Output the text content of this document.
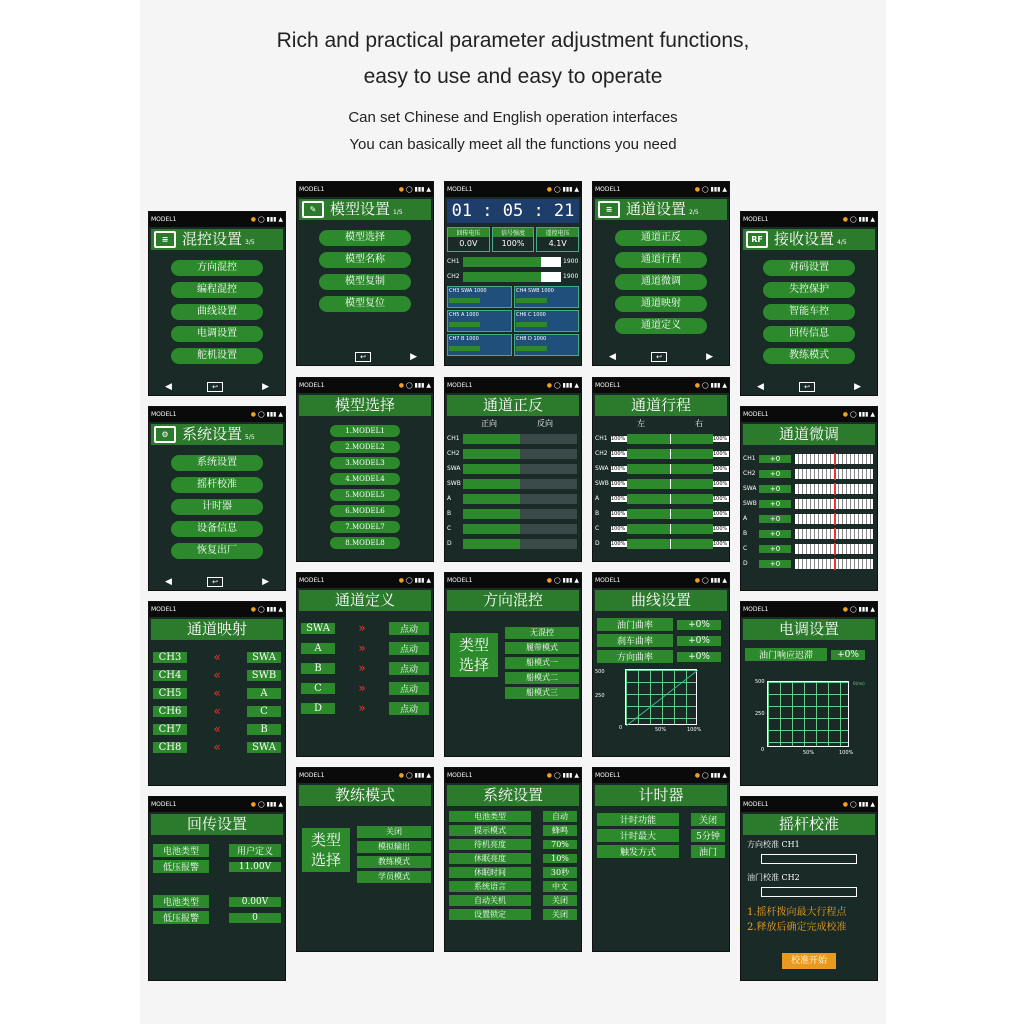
Rich and practical parameter adjustment functions,
easy to use and easy to operate
Can set Chinese and English operation interfaces
You can basically meet all the functions you need
MODEL1	● ◯ ▮▮▮ ▲
≡ 混控设置 3/5
方向混控
编程混控
曲线设置
电调设置
舵机设置
◀	↩	▶
MODEL1	● ◯ ▮▮▮ ▲
✎ 模型设置 1/5
模型选择
模型名称
模型复制
模型复位
↩	▶
MODEL1	● ◯ ▮▮▮ ▲
01 : 05 : 21
回传电压
0.0V
信号强度
100%
遥控电压
4.1V
CH1	1900
CH2	1900
CH3 SWA 1000	CH4 SWB 1000
CH5 A 1000	CH6 C 1000
CH7 B 1000	CH8 D 1000
MODEL1	● ◯ ▮▮▮ ▲
≡ 通道设置 2/5
通道正反
通道行程
通道微调
通道映射
通道定义
◀	↩	▶
MODEL1	● ◯ ▮▮▮ ▲
RF 接收设置 4/5
对码设置
失控保护
智能车控
回传信息
教练模式
◀	↩	▶
MODEL1	● ◯ ▮▮▮ ▲
⚙ 系统设置 5/5
系统设置
摇杆校准
计时器
设备信息
恢复出厂
◀	↩	▶
MODEL1	● ◯ ▮▮▮ ▲
模型选择
1.MODEL1
2.MODEL2
3.MODEL3
4.MODEL4
5.MODEL5
6.MODEL6
7.MODEL7
8.MODEL8
MODEL1	● ◯ ▮▮▮ ▲
通道正反
正向	反向
CH1
CH2
SWA
SWB
A
B
C
D
MODEL1	● ◯ ▮▮▮ ▲
通道行程
左	右
CH1 100%	100%
CH2 100%	100%
SWA 100%	100%
SWB 100%	100%
A	100%	100%
B	100%	100%
C	100%	100%
D	100%	100%
MODEL1	● ◯ ▮▮▮ ▲
通道微调
CH1	+0
CH2	+0
SWA	+0
SWB	+0
A	+0
B	+0
C	+0
D	+0
MODEL1	● ◯ ▮▮▮ ▲
通道映射
CH3	«	SWA
CH4	«	SWB
CH5	«	A
CH6	«	C
CH7	«	B
CH8	«	SWA
MODEL1	● ◯ ▮▮▮ ▲
通道定义
SWA	»	点动
A	»	点动
B	»	点动
C	»	点动
D	»	点动
MODEL1	● ◯ ▮▮▮ ▲
方向混控
类型选择
无混控
履带模式
船模式一
船模式二
船模式三
MODEL1	● ◯ ▮▮▮ ▲
曲线设置
油门曲率	+0%
刹车曲率	+0%
方向曲率	+0%
500
250
0	50%	100%
MODEL1	● ◯ ▮▮▮ ▲
电调设置
油门响应迟滞	+0%
500
250
0
0(ms)
50%	100%
MODEL1	● ◯ ▮▮▮ ▲
回传设置
电池类型	用户定义
低压报警	11.00V
电池类型	0.00V
低压报警	0
MODEL1	● ◯ ▮▮▮ ▲
教练模式
类型选择
关闭
模拟输出
教练模式
学员模式
MODEL1	● ◯ ▮▮▮ ▲
系统设置
电池类型	自动
提示模式	蜂鸣
待机亮度	70%
休眠亮度	10%
休眠时间	30秒
系统语言	中文
自动关机	关闭
设置锁定	关闭
MODEL1	● ◯ ▮▮▮ ▲
计时器
计时功能	关闭
计时最大	5分钟
触发方式	油门
MODEL1	● ◯ ▮▮▮ ▲
摇杆校准
方向校准 CH1
油门校准 CH2
1.摇杆拨向最大行程点
2.释放后确定完成校准
校准开始
